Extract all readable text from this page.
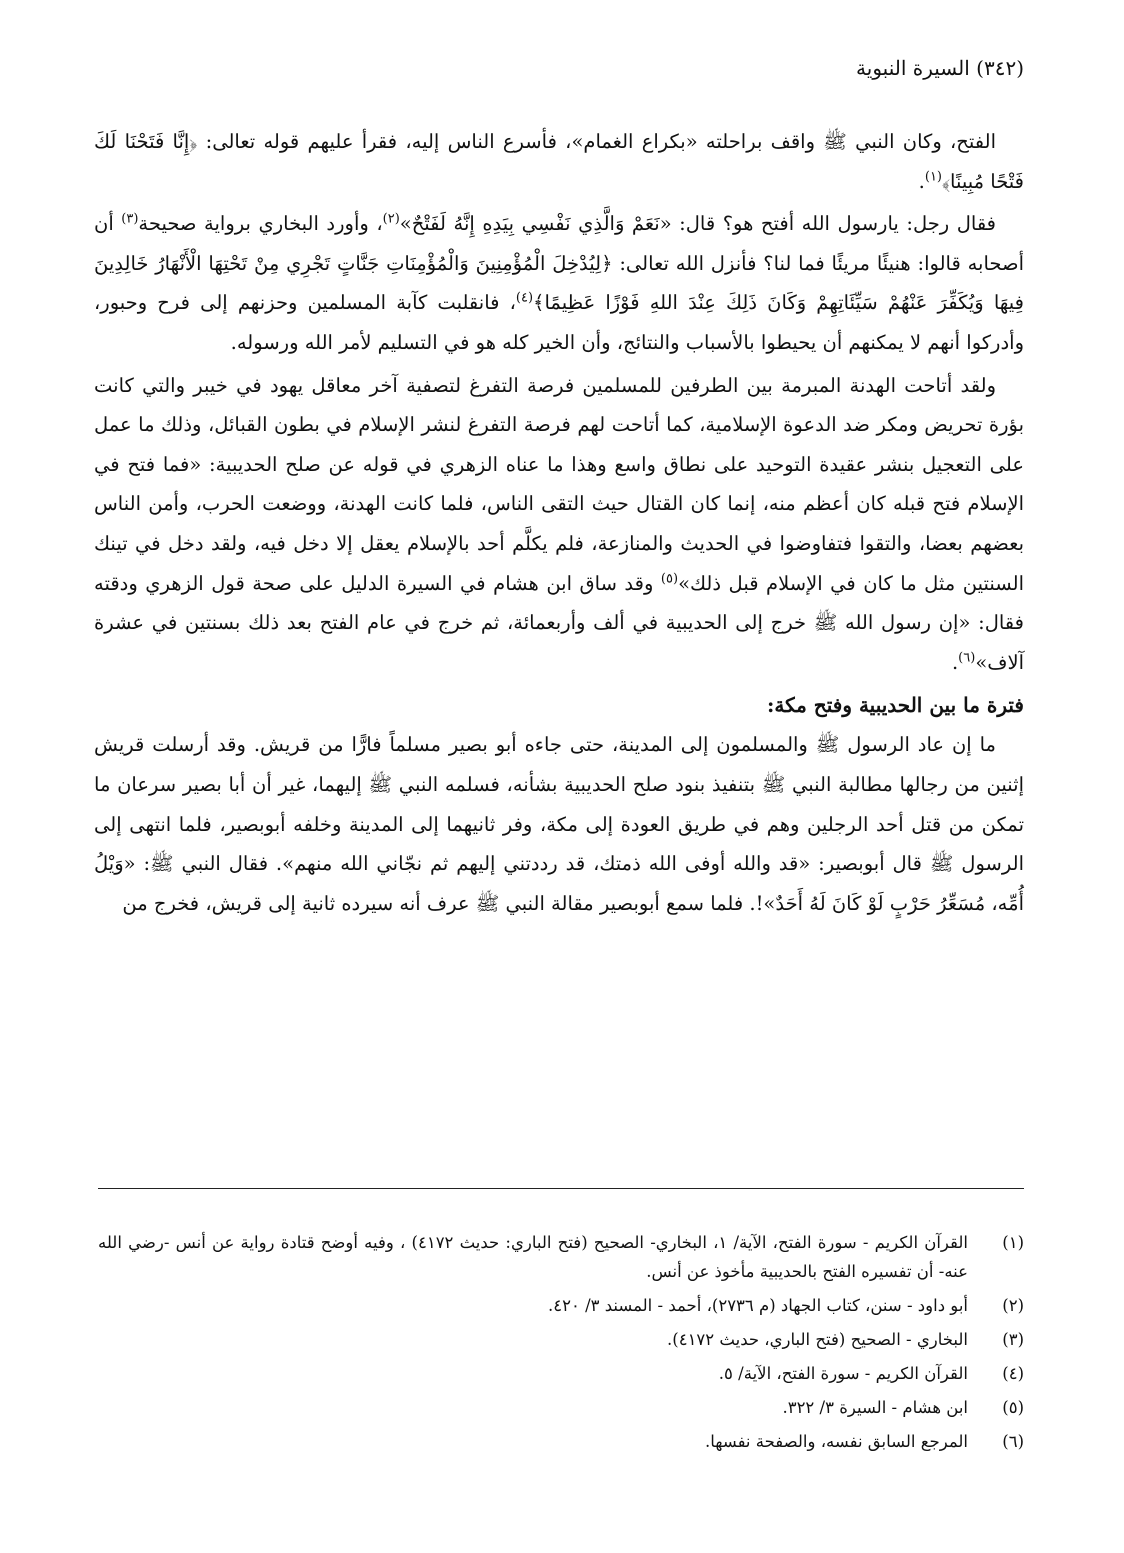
(٣٤٢) السيرة النبوية

الفتح، وكان النبي ﷺ واقف براحلته «بكراع الغمام»، فأسرع الناس إليه، فقرأ عليهم قوله تعالى: ﴿إِنَّا فَتَحْنَا لَكَ فَتْحًا مُبِينًا﴾$^{(١)}$.

فقال رجل: يارسول الله أفتح هو؟ قال: «نَعَمْ وَالَّذِي نَفْسِي بِيَدِهِ إِنَّهُ لَفَتْحٌ»$^{(٢)}$، وأورد البخاري برواية صحيحة$^{(٣)}$ أن أصحابه قالوا: هنيئًا مريئًا فما لنا؟ فأنزل الله تعالى: ﴿لِيُدْخِلَ الْمُؤْمِنِينَ وَالْمُؤْمِنَاتِ جَنَّاتٍ تَجْرِي مِنْ تَحْتِهَا الْأَنْهَارُ خَالِدِينَ فِيهَا وَيُكَفِّرَ عَنْهُمْ سَيِّئَاتِهِمْ وَكَانَ ذَلِكَ عِنْدَ اللهِ فَوْزًا عَظِيمًا﴾$^{(٤)}$، فانقلبت كآبة المسلمين وحزنهم إلى فرح وحبور، وأدركوا أنهم لا يمكنهم أن يحيطوا بالأسباب والنتائج، وأن الخير كله هو في التسليم لأمر الله ورسوله.

ولقد أتاحت الهدنة المبرمة بين الطرفين للمسلمين فرصة التفرغ لتصفية آخر معاقل يهود في خيبر والتي كانت بؤرة تحريض ومكر ضد الدعوة الإسلامية، كما أتاحت لهم فرصة التفرغ لنشر الإسلام في بطون القبائل، وذلك ما عمل على التعجيل بنشر عقيدة التوحيد على نطاق واسع وهذا ما عناه الزهري في قوله عن صلح الحديبية: «فما فتح في الإسلام فتح قبله كان أعظم منه، إنما كان القتال حيث التقى الناس، فلما كانت الهدنة، ووضعت الحرب، وأمن الناس بعضهم بعضا، والتقوا فتفاوضوا في الحديث والمنازعة، فلم يكلَّم أحد بالإسلام يعقل إلا دخل فيه، ولقد دخل في تينك السنتين مثل ما كان في الإسلام قبل ذلك»$^{(٥)}$ وقد ساق ابن هشام في السيرة الدليل على صحة قول الزهري ودقته فقال: «إن رسول الله ﷺ خرج إلى الحديبية في ألف وأربعمائة، ثم خرج في عام الفتح بعد ذلك بسنتين في عشرة آلاف»$^{(٦)}$.

فترة ما بين الحديبية وفتح مكة:

ما إن عاد الرسول ﷺ والمسلمون إلى المدينة، حتى جاءه أبو بصير مسلماً فارًّا من قريش. وقد أرسلت قريش إثنين من رجالها مطالبة النبي ﷺ بتنفيذ بنود صلح الحديبية بشأنه، فسلمه النبي ﷺ إليهما، غير أن أبا بصير سرعان ما تمكن من قتل أحد الرجلين وهم في طريق العودة إلى مكة، وفر ثانيهما إلى المدينة وخلفه أبوبصير، فلما انتهى إلى الرسول ﷺ قال أبوبصير: «قد والله أوفى الله ذمتك، قد رددتني إليهم ثم نجّاني الله منهم». فقال النبي ﷺ: «وَيْلُ أُمِّه، مُسَعِّرُ حَرْبٍ لَوْ كَانَ لَهُ أَحَدٌ»!. فلما سمع أبوبصير مقالة النبي ﷺ عرف أنه سيرده ثانية إلى قريش، فخرج من

(١)
القرآن الكريم - سورة الفتح، الآية/ ١، البخاري- الصحيح (فتح الباري: حديث ٤١٧٢) ، وفيه أوضح قتادة رواية عن أنس -رضي الله عنه- أن تفسيره الفتح بالحديبية مأخوذ عن أنس.
(٢)
أبو داود - سنن، كتاب الجهاد (م ٢٧٣٦)، أحمد - المسند ٣/ ٤٢٠.
(٣)
البخاري - الصحيح (فتح الباري، حديث ٤١٧٢).
(٤)
القرآن الكريم - سورة الفتح، الآية/ ٥.
(٥)
ابن هشام - السيرة ٣/ ٣٢٢.
(٦)
المرجع السابق نفسه، والصفحة نفسها.
